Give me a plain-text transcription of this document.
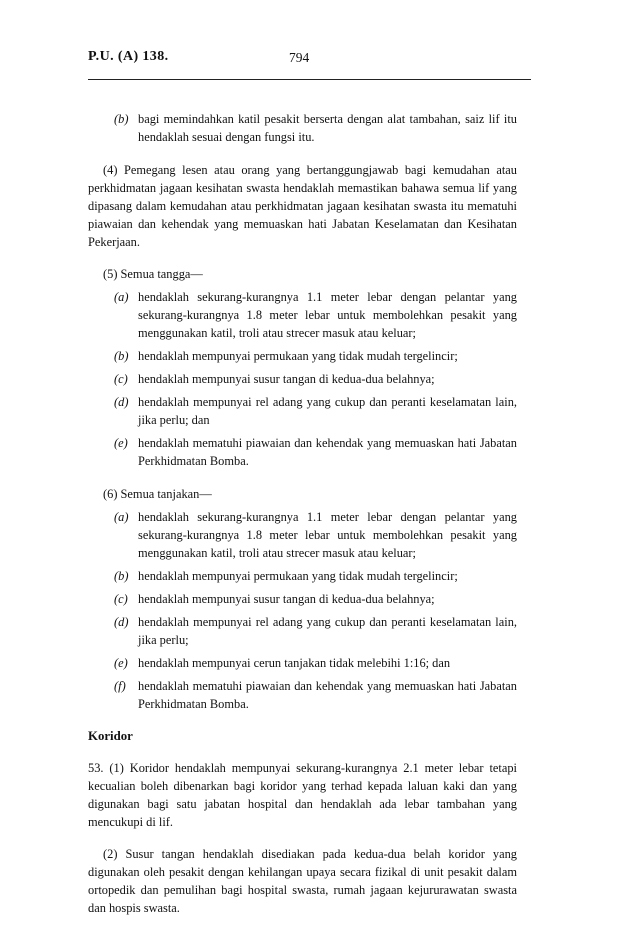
P.U. (A) 138.	794
(b) bagi memindahkan katil pesakit berserta dengan alat tambahan, saiz lif itu hendaklah sesuai dengan fungsi itu.

(4) Pemegang lesen atau orang yang bertanggungjawab bagi kemudahan atau perkhidmatan jagaan kesihatan swasta hendaklah memastikan bahawa semua lif yang dipasang dalam kemudahan atau perkhidmatan jagaan kesihatan swasta itu mematuhi piawaian dan kehendak yang memuaskan hati Jabatan Keselamatan dan Kesihatan Pekerjaan.

(5) Semua tangga—
(a) hendaklah sekurang-kurangnya 1.1 meter lebar dengan pelantar yang sekurang-kurangnya 1.8 meter lebar untuk membolehkan pesakit yang menggunakan katil, troli atau strecer masuk atau keluar;
(b) hendaklah mempunyai permukaan yang tidak mudah tergelincir;
(c) hendaklah mempunyai susur tangan di kedua-dua belahnya;
(d) hendaklah mempunyai rel adang yang cukup dan peranti keselamatan lain, jika perlu; dan
(e) hendaklah mematuhi piawaian dan kehendak yang memuaskan hati Jabatan Perkhidmatan Bomba.
(6) Semua tanjakan—
(a) hendaklah sekurang-kurangnya 1.1 meter lebar dengan pelantar yang sekurang-kurangnya 1.8 meter lebar untuk membolehkan pesakit yang menggunakan katil, troli atau strecer masuk atau keluar;
(b) hendaklah mempunyai permukaan yang tidak mudah tergelincir;
(c) hendaklah mempunyai susur tangan di kedua-dua belahnya;
(d) hendaklah mempunyai rel adang yang cukup dan peranti keselamatan lain, jika perlu;
(e) hendaklah mempunyai cerun tanjakan tidak melebihi 1:16; dan
(f) hendaklah mematuhi piawaian dan kehendak yang memuaskan hati Jabatan Perkhidmatan Bomba.
Koridor

53. (1) Koridor hendaklah mempunyai sekurang-kurangnya 2.1 meter lebar tetapi kecualian boleh dibenarkan bagi koridor yang terhad kepada laluan kaki dan yang digunakan bagi satu jabatan hospital dan hendaklah ada lebar tambahan yang mencukupi di lif.

(2) Susur tangan hendaklah disediakan pada kedua-dua belah koridor yang digunakan oleh pesakit dengan kehilangan upaya secara fizikal di unit pesakit dalam ortopedik dan pemulihan bagi hospital swasta, rumah jagaan kejururawatan swasta dan hospis swasta.
